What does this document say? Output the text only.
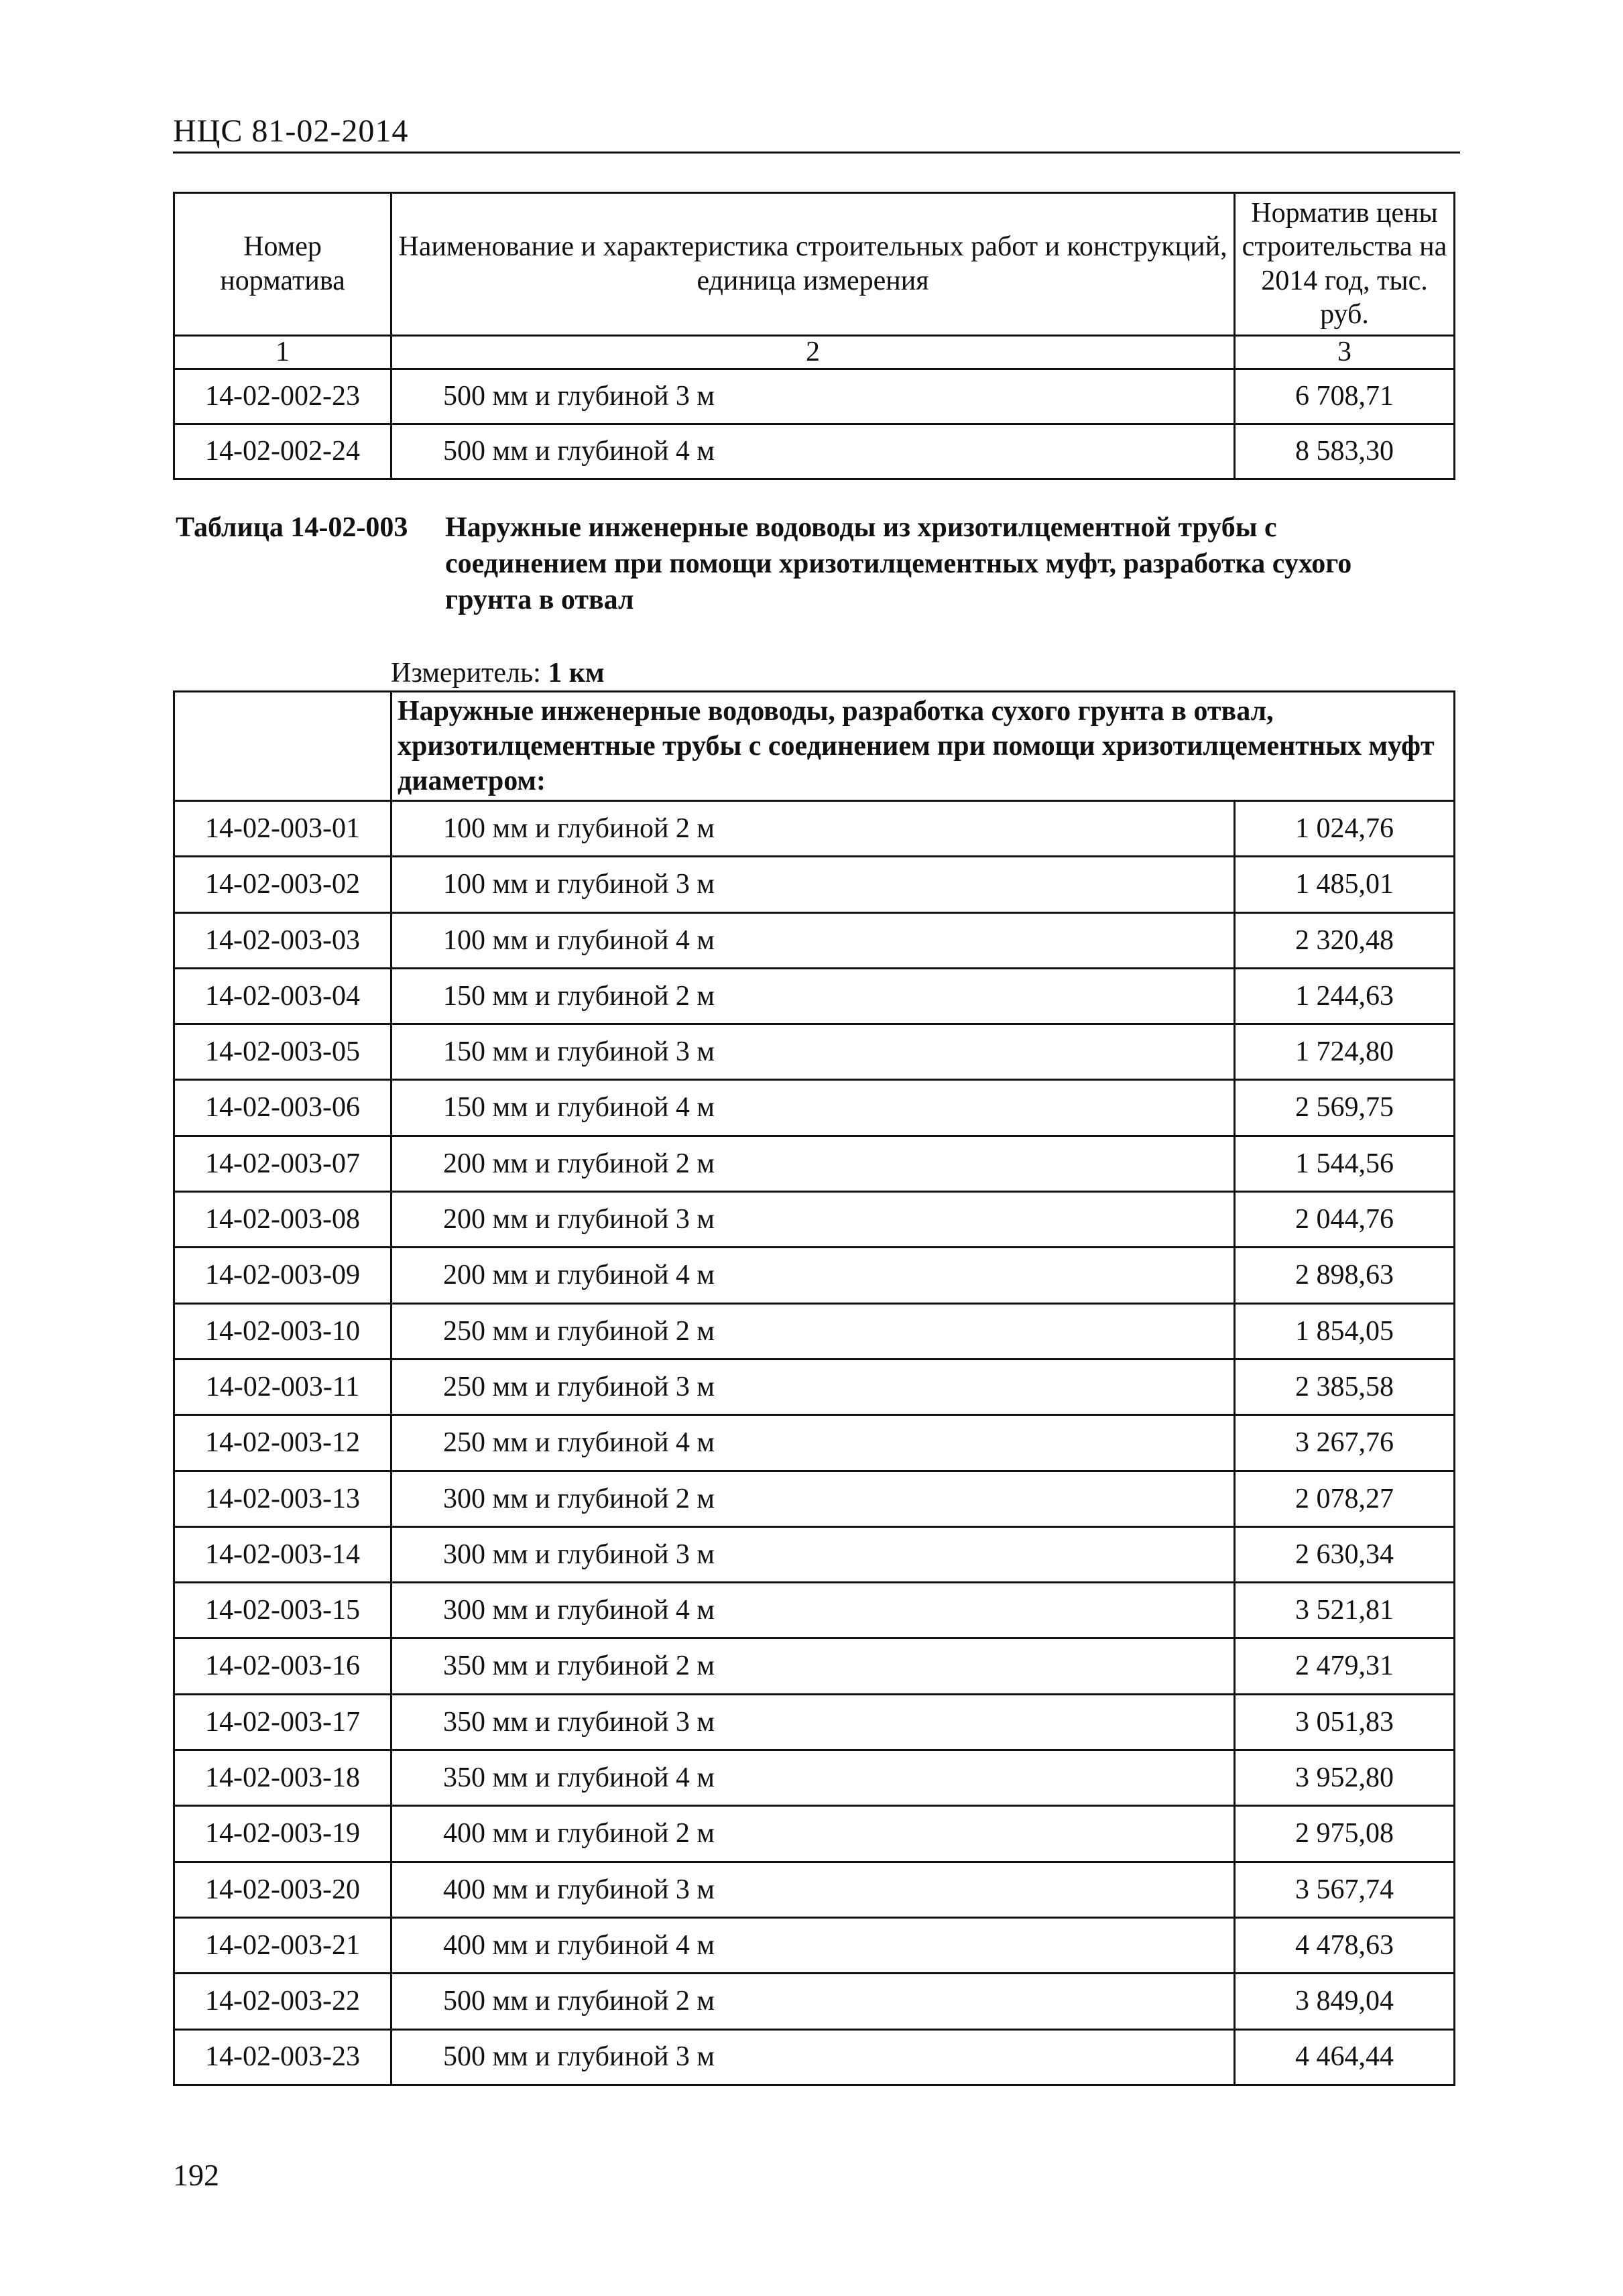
НЦС 81-02-2014
Номер норматива	Наименование и характеристика строительных работ и конструкций, единица измерения	Норматив цены строительства на 2014 год, тыс. руб.
1	2	3
14-02-002-23	500 мм и глубиной 3 м	6 708,71
14-02-002-24	500 мм и глубиной 4 м	8 583,30
Таблица 14-02-003 Наружные инженерные водоводы из хризотилцементной трубы с соединением при помощи хризотилцементных муфт, разработка сухого грунта в отвал
Измеритель: 1 км
	Наружные инженерные водоводы, разработка сухого грунта в отвал, хризотилцементные трубы с соединением при помощи хризотилцементных муфт диаметром:	
14-02-003-01	100 мм и глубиной 2 м	1 024,76
14-02-003-02	100 мм и глубиной 3 м	1 485,01
14-02-003-03	100 мм и глубиной 4 м	2 320,48
14-02-003-04	150 мм и глубиной 2 м	1 244,63
14-02-003-05	150 мм и глубиной 3 м	1 724,80
14-02-003-06	150 мм и глубиной 4 м	2 569,75
14-02-003-07	200 мм и глубиной 2 м	1 544,56
14-02-003-08	200 мм и глубиной 3 м	2 044,76
14-02-003-09	200 мм и глубиной 4 м	2 898,63
14-02-003-10	250 мм и глубиной 2 м	1 854,05
14-02-003-11	250 мм и глубиной 3 м	2 385,58
14-02-003-12	250 мм и глубиной 4 м	3 267,76
14-02-003-13	300 мм и глубиной 2 м	2 078,27
14-02-003-14	300 мм и глубиной 3 м	2 630,34
14-02-003-15	300 мм и глубиной 4 м	3 521,81
14-02-003-16	350 мм и глубиной 2 м	2 479,31
14-02-003-17	350 мм и глубиной 3 м	3 051,83
14-02-003-18	350 мм и глубиной 4 м	3 952,80
14-02-003-19	400 мм и глубиной 2 м	2 975,08
14-02-003-20	400 мм и глубиной 3 м	3 567,74
14-02-003-21	400 мм и глубиной 4 м	4 478,63
14-02-003-22	500 мм и глубиной 2 м	3 849,04
14-02-003-23	500 мм и глубиной 3 м	4 464,44
192
